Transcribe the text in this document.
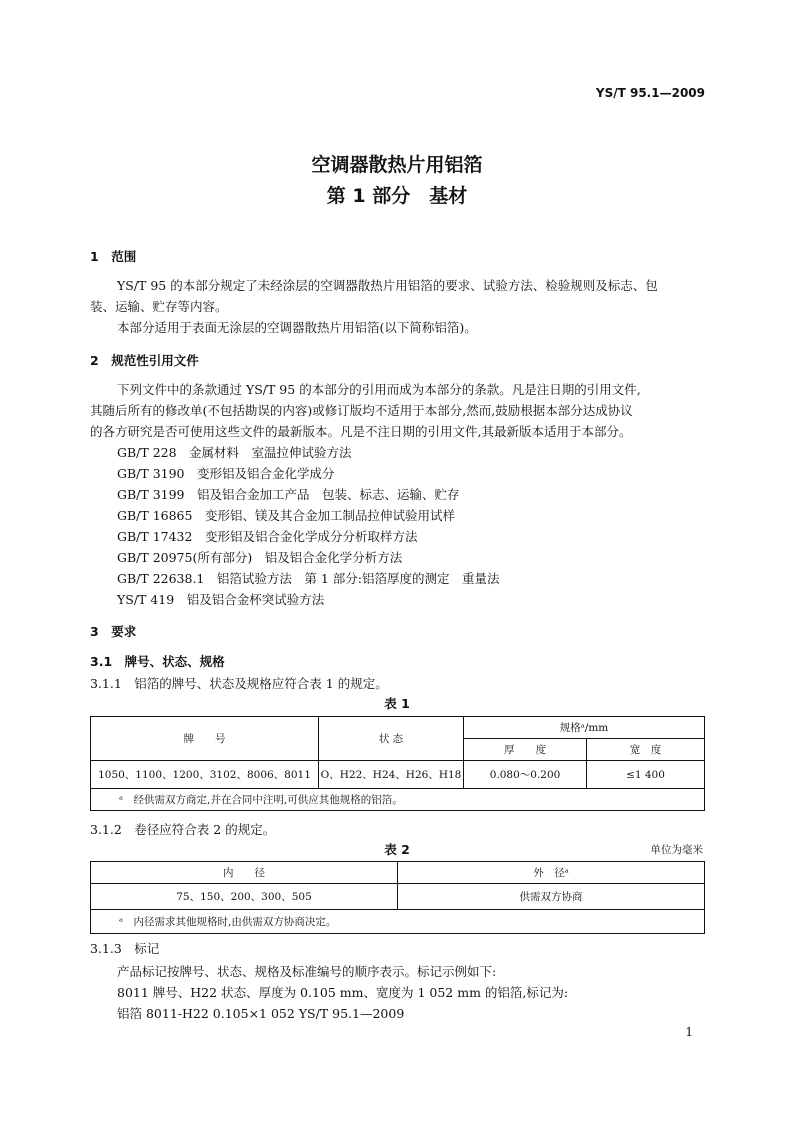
YS/T 95.1—2009
空调器散热片用铝箔
第 1 部分　基材
1　范围
YS/T 95 的本部分规定了未经涂层的空调器散热片用铝箔的要求、试验方法、检验规则及标志、包
装、运输、贮存等内容。
本部分适用于表面无涂层的空调器散热片用铝箔(以下简称铝箔)。
2　规范性引用文件
下列文件中的条款通过 YS/T 95 的本部分的引用而成为本部分的条款。凡是注日期的引用文件,
其随后所有的修改单(不包括勘误的内容)或修订版均不适用于本部分,然而,鼓励根据本部分达成协议
的各方研究是否可使用这些文件的最新版本。凡是不注日期的引用文件,其最新版本适用于本部分。
GB/T 228　金属材料　室温拉伸试验方法
GB/T 3190　变形铝及铝合金化学成分
GB/T 3199　铝及铝合金加工产品　包装、标志、运输、贮存
GB/T 16865　变形铝、镁及其合金加工制品拉伸试验用试样
GB/T 17432　变形铝及铝合金化学成分分析取样方法
GB/T 20975(所有部分)　铝及铝合金化学分析方法
GB/T 22638.1　铝箔试验方法　第 1 部分:铝箔厚度的测定　重量法
YS/T 419　铝及铝合金杯突试验方法
3　要求
3.1　牌号、状态、规格
3.1.1　铝箔的牌号、状态及规格应符合表 1 的规定。
表 1
牌　　号	状 态	规格ᵃ/mm	
		厚　　度	宽　度
1050、1100、1200、3102、8006、8011	O、H22、H24、H26、H18	0.080～0.200	≤1 400
ᵃ　经供需双方商定,并在合同中注明,可供应其他规格的铝箔。			
3.1.2　卷径应符合表 2 的规定。
表 2	单位为毫米
内　　径	外　径ᵃ
75、150、200、300、505	供需双方协商
ᵃ　内径需求其他规格时,由供需双方协商决定。	
3.1.3　标记
产品标记按牌号、状态、规格及标准编号的顺序表示。标记示例如下:
8011 牌号、H22 状态、厚度为 0.105 mm、宽度为 1 052 mm 的铝箔,标记为:
铝箔 8011-H22 0.105×1 052 YS/T 95.1—2009
1
